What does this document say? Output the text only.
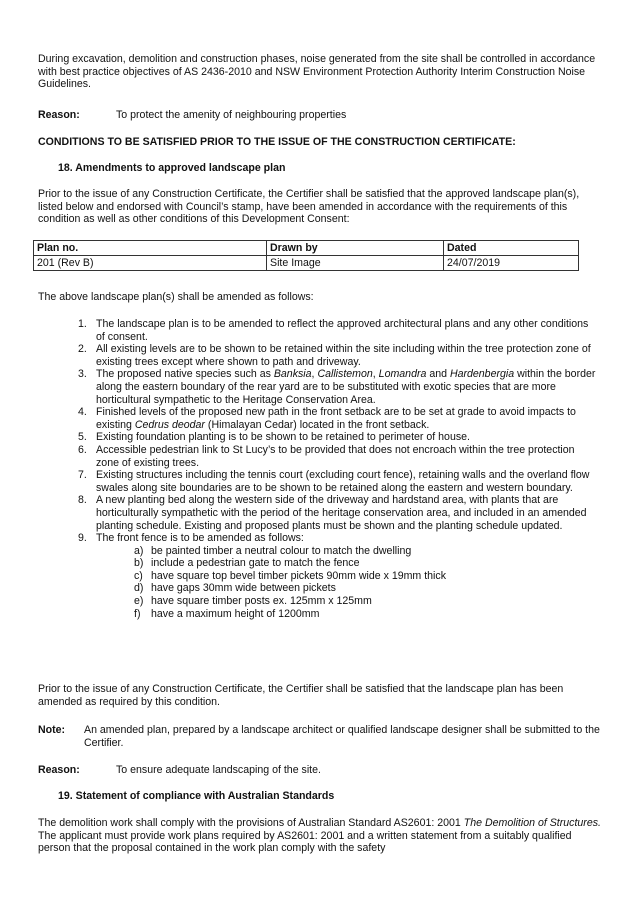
During excavation, demolition and construction phases, noise generated from the site shall be controlled in accordance with best practice objectives of AS 2436-2010 and NSW Environment Protection Authority Interim Construction Noise Guidelines.

Reason:	To protect the amenity of neighbouring properties
CONDITIONS TO BE SATISFIED PRIOR TO THE ISSUE OF THE CONSTRUCTION CERTIFICATE:
18. Amendments to approved landscape plan

Prior to the issue of any Construction Certificate, the Certifier shall be satisfied that the approved landscape plan(s), listed below and endorsed with Council’s stamp, have been amended in accordance with the requirements of this condition as well as other conditions of this Development Consent:

Plan no.	Drawn by	Dated
201 (Rev B)	Site Image	24/07/2019

The above landscape plan(s) shall be amended as follows:

1. The landscape plan is to be amended to reflect the approved architectural plans and any other conditions of consent.
2. All existing levels are to be shown to be retained within the site including within the tree protection zone of existing trees except where shown to path and driveway.
3. The proposed native species such as Banksia, Callistemon, Lomandra and Hardenbergia within the border along the eastern boundary of the rear yard are to be substituted with exotic species that are more horticultural sympathetic to the Heritage Conservation Area.
4. Finished levels of the proposed new path in the front setback are to be set at grade to avoid impacts to existing Cedrus deodar (Himalayan Cedar) located in the front setback.
5. Existing foundation planting is to be shown to be retained to perimeter of house.
6. Accessible pedestrian link to St Lucy’s to be provided that does not encroach within the tree protection zone of existing trees.
7. Existing structures including the tennis court (excluding court fence), retaining walls and the overland flow swales along site boundaries are to be shown to be retained along the eastern and western boundary.
8. A new planting bed along the western side of the driveway and hardstand area, with plants that are horticulturally sympathetic with the period of the heritage conservation area, and included in an amended planting schedule. Existing and proposed plants must be shown and the planting schedule updated.
9. The front fence is to be amended as follows:
a) be painted timber a neutral colour to match the dwelling
b) include a pedestrian gate to match the fence
c) have square top bevel timber pickets 90mm wide x 19mm thick
d) have gaps 30mm wide between pickets
e) have square timber posts ex. 125mm x 125mm
f) have a maximum height of 1200mm

Prior to the issue of any Construction Certificate, the Certifier shall be satisfied that the landscape plan has been amended as required by this condition.

Note: An amended plan, prepared by a landscape architect or qualified landscape designer shall be submitted to the Certifier.
Reason:	To ensure adequate landscaping of the site.
19. Statement of compliance with Australian Standards

The demolition work shall comply with the provisions of Australian Standard AS2601: 2001 The Demolition of Structures. The applicant must provide work plans required by AS2601: 2001 and a written statement from a suitably qualified person that the proposal contained in the work plan comply with the safety
